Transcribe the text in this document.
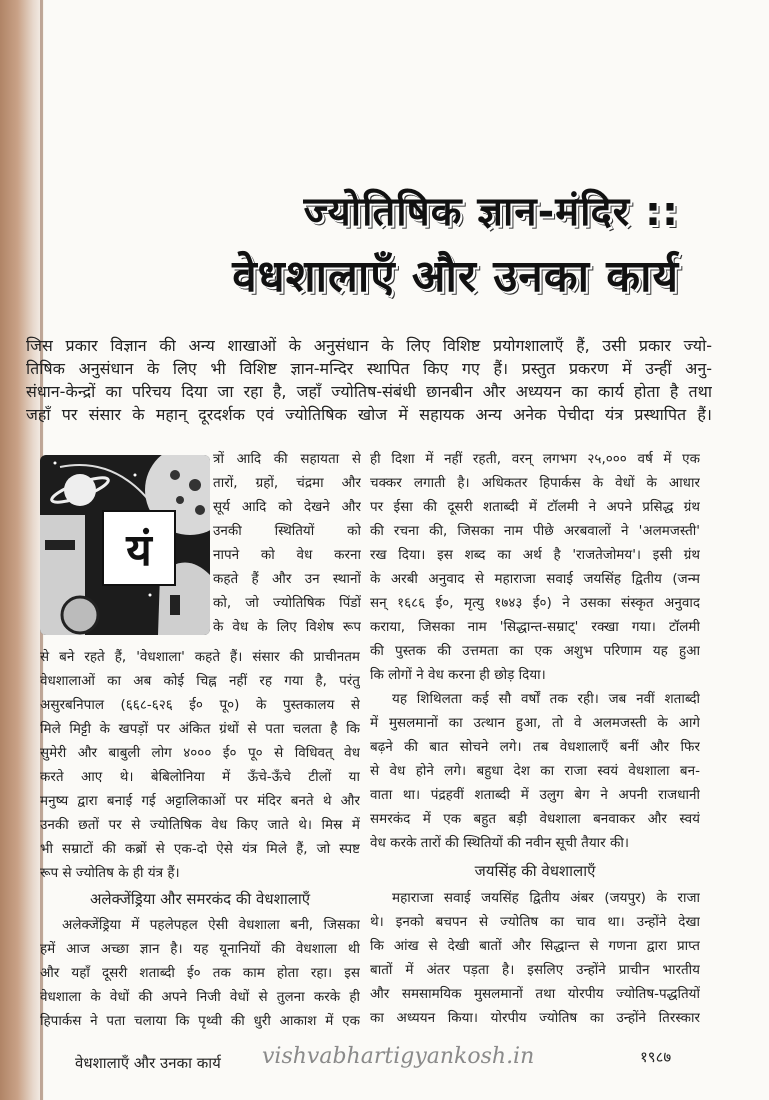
ज्योतिषिक ज्ञान-मंदिर ::
वेधशालाएँ और उनका कार्य
जिस प्रकार विज्ञान की अन्य शाखाओं के अनुसंधान के लिए विशिष्ट प्रयोगशालाएँ हैं, उसी प्रकार ज्यो-
तिषिक अनुसंधान के लिए भी विशिष्ट ज्ञान-मन्दिर स्थापित किए गए हैं। प्रस्तुत प्रकरण में उन्हीं अनु-
संधान-केन्द्रों का परिचय दिया जा रहा है, जहाँ ज्योतिष-संबंधी छानबीन और अध्ययन का कार्य होता है तथा
जहाँ पर संसार के महान् दूरदर्शक एवं ज्योतिषिक खोज में सहायक अन्य अनेक पेचीदा यंत्र प्रस्थापित हैं।
यं
त्रों आदि की सहायता से
तारों, ग्रहों, चंद्रमा और
सूर्य आदि को देखने और
उनकी स्थितियों को
नापने को वेध करना
कहते हैं और उन स्थानों
को, जो ज्योतिषिक पिंडों
के वेध के लिए विशेष रूप
से बने रहते हैं, 'वेधशाला' कहते हैं। संसार की प्राचीनतम
वेधशालाओं का अब कोई चिह्न नहीं रह गया है, परंतु
असुरबनिपाल (६६८-६२६ ई० पू०) के पुस्तकालय से
मिले मिट्टी के खपड़ों पर अंकित ग्रंथों से पता चलता है कि
सुमेरी और बाबुली लोग ४००० ई० पू० से विधिवत् वेध
करते आए थे। बेबिलोनिया में ऊँचे-ऊँचे टीलों या
मनुष्य द्वारा बनाई गई अट्टालिकाओं पर मंदिर बनते थे और
उनकी छतों पर से ज्योतिषिक वेध किए जाते थे। मिस्र में
भी सम्राटों की कब्रों से एक-दो ऐसे यंत्र मिले हैं, जो स्पष्ट
रूप से ज्योतिष के ही यंत्र हैं।
अलेक्जेंड्रिया और समरकंद की वेधशालाएँ
अलेक्जेंड्रिया में पहलेपहल ऐसी वेधशाला बनी, जिसका
हमें आज अच्छा ज्ञान है। यह यूनानियों की वेधशाला थी
और यहाँ दूसरी शताब्दी ई० तक काम होता रहा। इस
वेधशाला के वेधों की अपने निजी वेधों से तुलना करके ही
हिपार्कस ने पता चलाया कि पृथ्वी की धुरी आकाश में एक
ही दिशा में नहीं रहती, वरन् लगभग २५,००० वर्ष में एक
चक्कर लगाती है। अधिकतर हिपार्कस के वेधों के आधार
पर ईसा की दूसरी शताब्दी में टॉलमी ने अपने प्रसिद्ध ग्रंथ
की रचना की, जिसका नाम पीछे अरबवालों ने 'अलमजस्ती'
रख दिया। इस शब्द का अर्थ है 'राजतेजोमय'। इसी ग्रंथ
के अरबी अनुवाद से महाराजा सवाई जयसिंह द्वितीय (जन्म
सन् १६८६ ई०, मृत्यु १७४३ ई०) ने उसका संस्कृत अनुवाद
कराया, जिसका नाम 'सिद्धान्त-सम्राट्' रक्खा गया। टॉलमी
की पुस्तक की उत्तमता का एक अशुभ परिणाम यह हुआ
कि लोगों ने वेध करना ही छोड़ दिया।
यह शिथिलता कई सौ वर्षों तक रही। जब नवीं शताब्दी
में मुसलमानों का उत्थान हुआ, तो वे अलमजस्ती के आगे
बढ़ने की बात सोचने लगे। तब वेधशालाएँ बनीं और फिर
से वेध होने लगे। बहुधा देश का राजा स्वयं वेधशाला बन-
वाता था। पंद्रहवीं शताब्दी में उलुग बेग ने अपनी राजधानी
समरकंद में एक बहुत बड़ी वेधशाला बनवाकर और स्वयं
वेध करके तारों की स्थितियों की नवीन सूची तैयार की।
जयसिंह की वेधशालाएँ
महाराजा सवाई जयसिंह द्वितीय अंबर (जयपुर) के राजा
थे। इनको बचपन से ज्योतिष का चाव था। उन्होंने देखा
कि आंख से देखी बातों और सिद्धान्त से गणना द्वारा प्राप्त
बातों में अंतर पड़ता है। इसलिए उन्होंने प्राचीन भारतीय
और समसामयिक मुसलमानों तथा योरपीय ज्योतिष-पद्धतियों
का अध्ययन किया। योरपीय ज्योतिष का उन्होंने तिरस्कार
वेधशालाएँ और उनका कार्य vishvabhartigyankosh.in	१९८७
